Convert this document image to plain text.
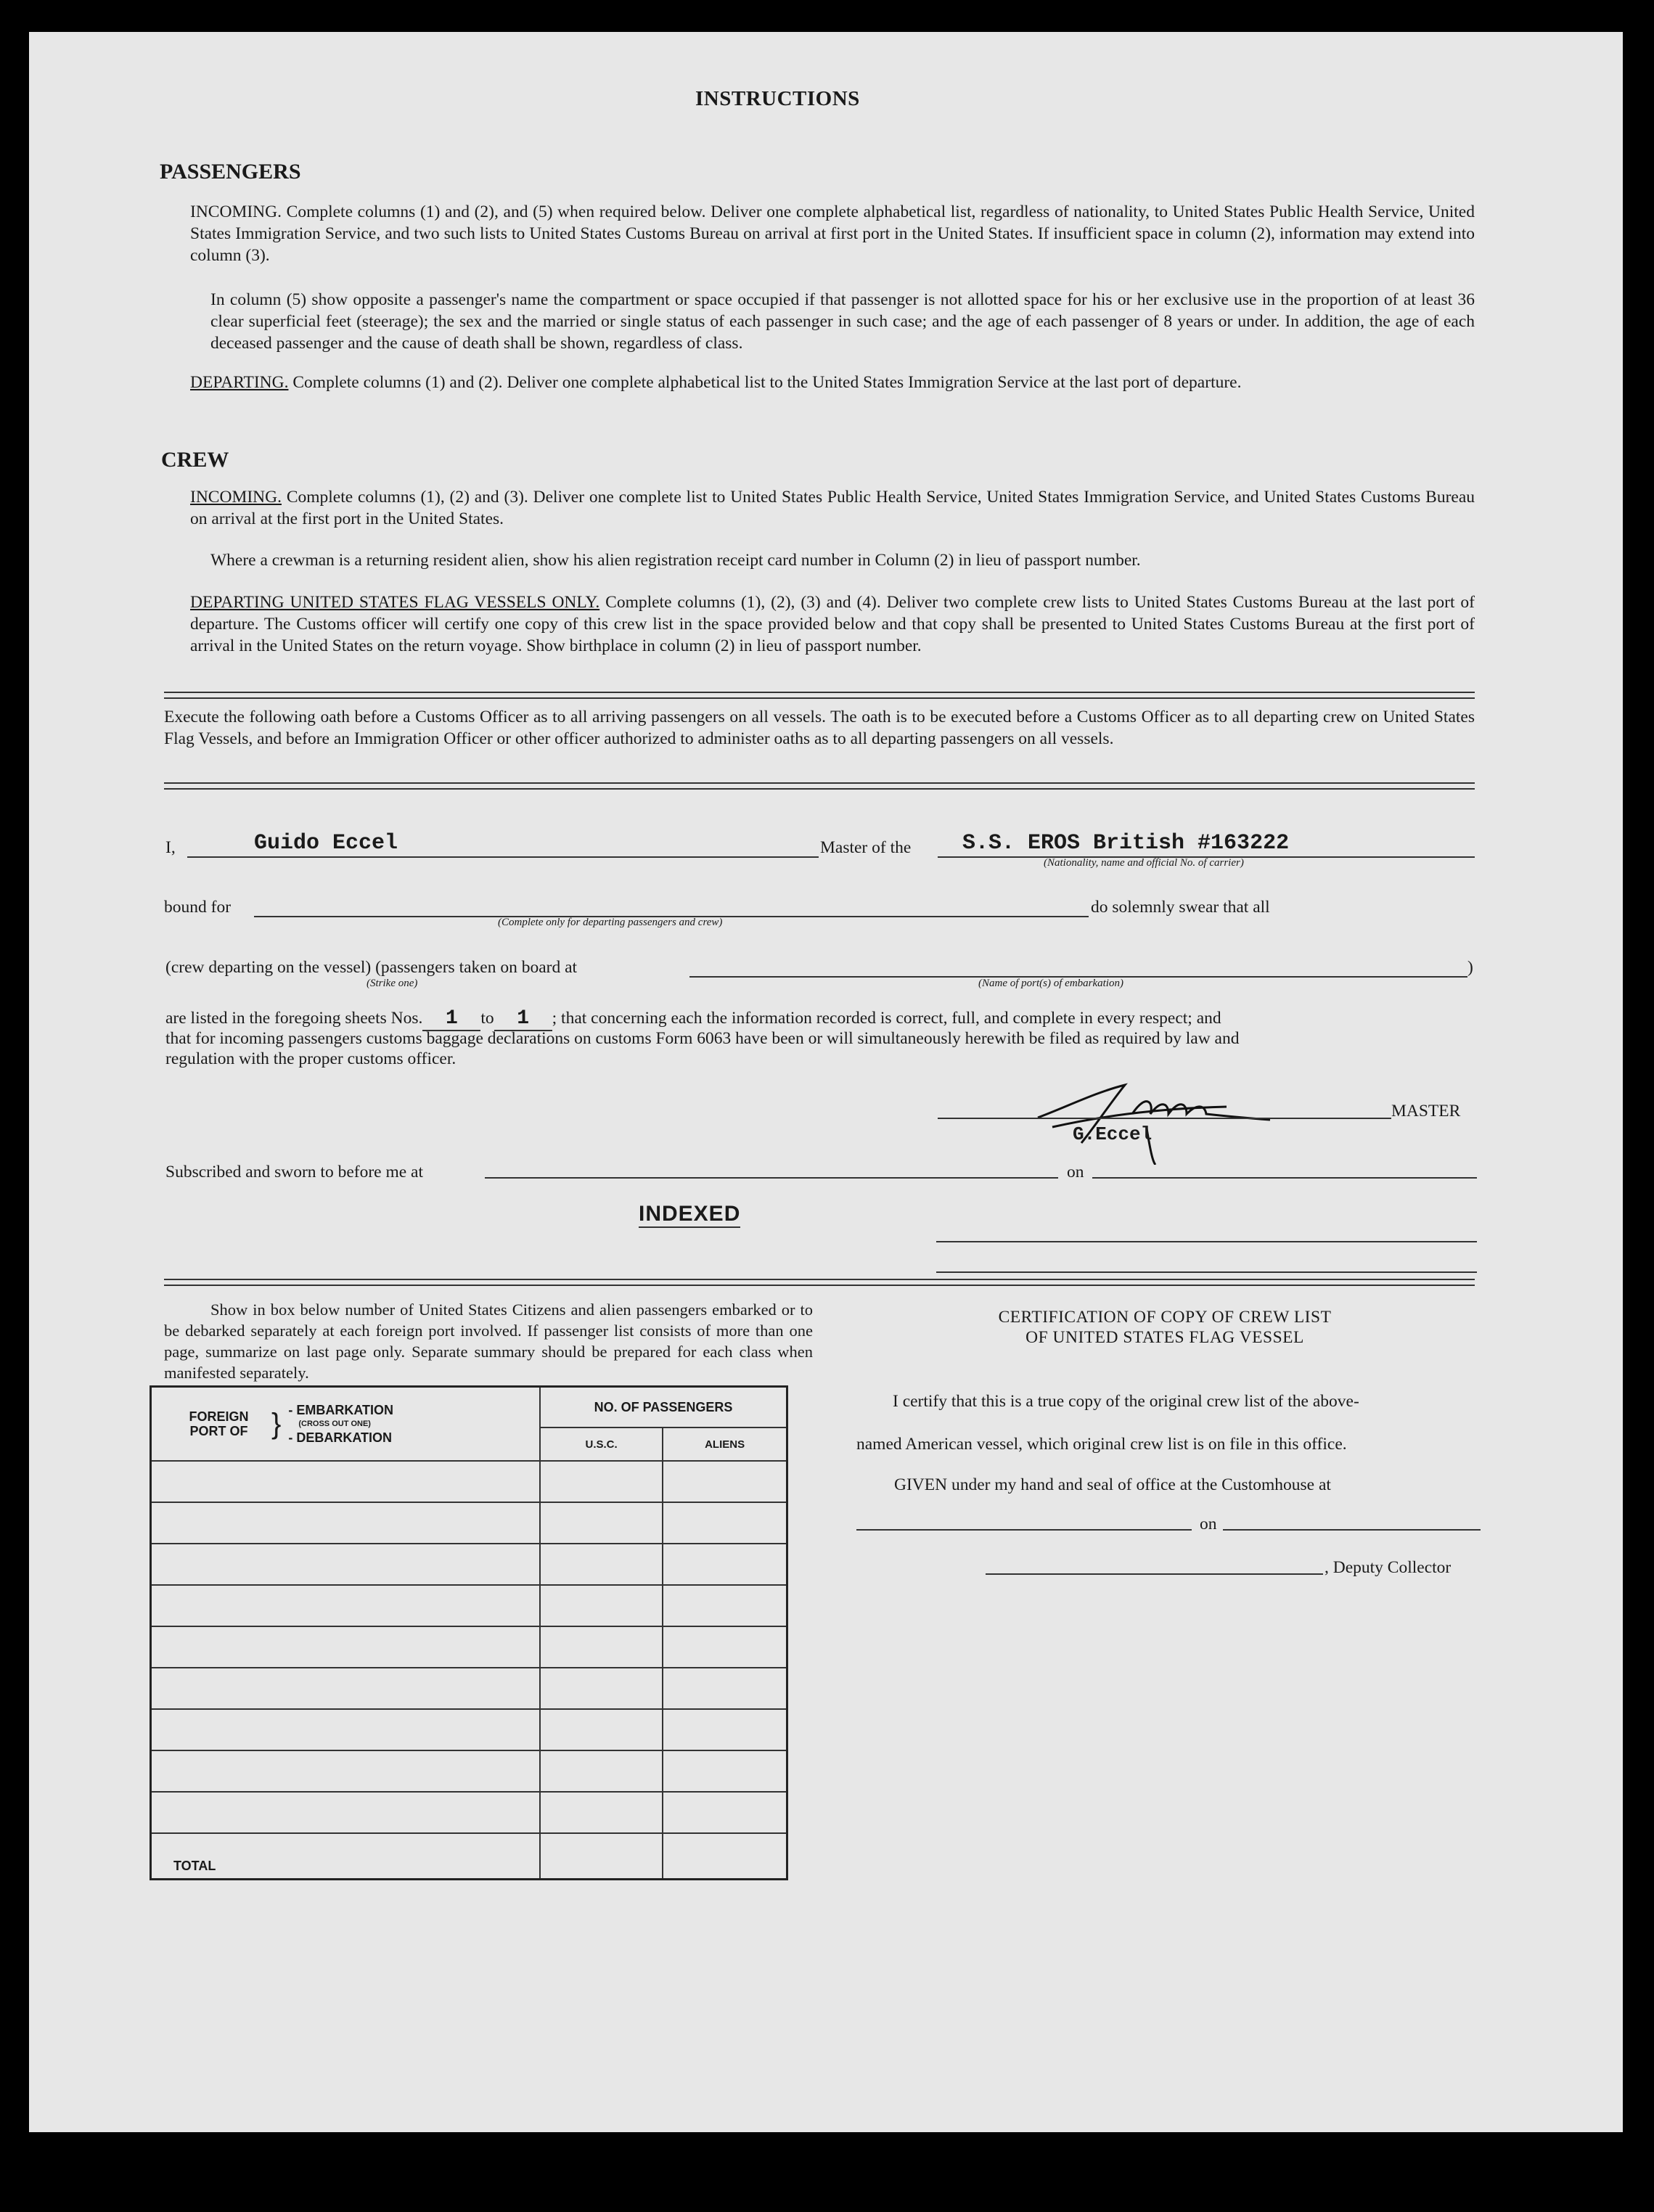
INSTRUCTIONS
PASSENGERS
INCOMING. Complete columns (1) and (2), and (5) when required below. Deliver one complete alphabetical list, regardless of nationality, to United States Public Health Service, United States Immigration Service, and two such lists to United States Customs Bureau on arrival at first port in the United States. If insufficient space in column (2), information may extend into column (3).
In column (5) show opposite a passenger's name the compartment or space occupied if that passenger is not allotted space for his or her exclusive use in the proportion of at least 36 clear superficial feet (steerage); the sex and the married or single status of each passenger in such case; and the age of each passenger of 8 years or under. In addition, the age of each deceased passenger and the cause of death shall be shown, regardless of class.
DEPARTING. Complete columns (1) and (2). Deliver one complete alphabetical list to the United States Immigration Service at the last port of departure.
CREW
INCOMING. Complete columns (1), (2) and (3). Deliver one complete list to United States Public Health Service, United States Immigration Service, and United States Customs Bureau on arrival at the first port in the United States.
Where a crewman is a returning resident alien, show his alien registration receipt card number in Column (2) in lieu of passport number.
DEPARTING UNITED STATES FLAG VESSELS ONLY. Complete columns (1), (2), (3) and (4). Deliver two complete crew lists to United States Customs Bureau at the last port of departure. The Customs officer will certify one copy of this crew list in the space provided below and that copy shall be presented to United States Customs Bureau at the first port of arrival in the United States on the return voyage. Show birthplace in column (2) in lieu of passport number.
Execute the following oath before a Customs Officer as to all arriving passengers on all vessels. The oath is to be executed before a Customs Officer as to all departing crew on United States Flag Vessels, and before an Immigration Officer or other officer authorized to administer oaths as to all departing passengers on all vessels.
I,	Guido Eccel	Master of the S.S. EROS British #163222
(Nationality, name and official No. of carrier)
bound for
(Complete only for departing passengers and crew)
do solemnly swear that all
(crew departing on the vessel) (passengers taken on board at
(Strike one)	(Name of port(s) of embarkation)
)
are listed in the foregoing sheets Nos. 1 to 1 ; that concerning each the information recorded is correct, full, and complete in every respect; and
that for incoming passengers customs baggage declarations on customs Form 6063 have been or will simultaneously herewith be filed as required by law and
regulation with the proper customs officer.
MASTER
G.Eccel
Subscribed and sworn to before me at	on
INDEXED
Show in box below number of United States Citizens and alien passengers embarked or to be debarked separately at each foreign port involved. If passenger list consists of more than one page, summarize on last page only. Separate summary should be prepared for each class when manifested separately.
FOREIGN PORT OF } - EMBARKATION
(CROSS OUT ONE)
- DEBARKATION	NO. OF PASSENGERS	
	U.S.C.	ALIENS

TOTAL		
CERTIFICATION OF COPY OF CREW LIST
OF UNITED STATES FLAG VESSEL
I certify that this is a true copy of the original crew list of the above-
named American vessel, which original crew list is on file in this office.
GIVEN under my hand and seal of office at the Customhouse at
on
, Deputy Collector
